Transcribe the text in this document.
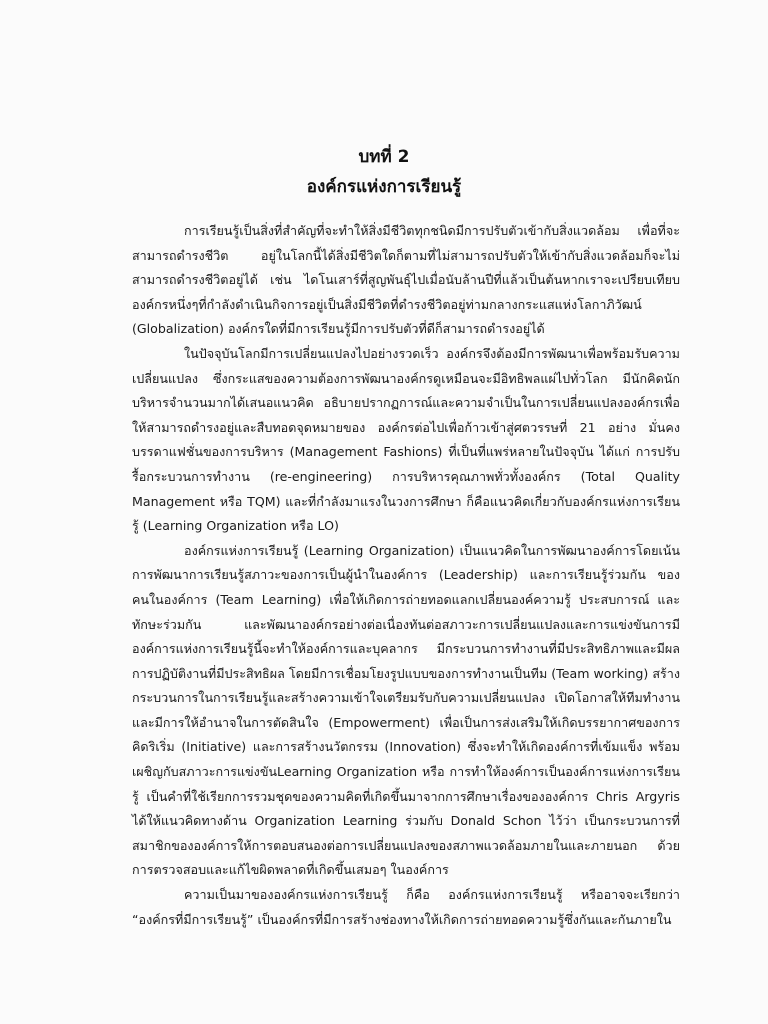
บทที่ 2
องค์กรแห่งการเรียนรู้

การเรียนรู้เป็นสิ่งที่สำคัญที่จะทำให้สิ่งมีชีวิตทุกชนิดมีการปรับตัวเข้ากับสิ่งแวดล้อม เพื่อที่จะสามารถดำรงชีวิต อยู่ในโลกนี้ได้สิ่งมีชีวิตใดก็ตามที่ไม่สามารถปรับตัวให้เข้ากับสิ่งแวดล้อมก็จะไม่สามารถดำรงชีวิตอยู่ได้ เช่น ไดโนเสาร์ที่สูญพันธุ์ไปเมื่อนับล้านปีที่แล้วเป็นต้นหากเราจะเปรียบเทียบองค์กรหนึ่งๆที่กำลังดำเนินกิจการอยู่เป็นสิ่งมีชีวิตที่ดำรงชีวิตอยู่ท่ามกลางกระแสแห่งโลกาภิวัฒน์ (Globalization) องค์กรใดที่มีการเรียนรู้มีการปรับตัวที่ดีก็สามารถดำรงอยู่ได้

ในปัจจุบันโลกมีการเปลี่ยนแปลงไปอย่างรวดเร็ว องค์กรจึงต้องมีการพัฒนาเพื่อพร้อมรับความเปลี่ยนแปลง ซึ่งกระแสของความต้องการพัฒนาองค์กรดูเหมือนจะมีอิทธิพลแผ่ไปทั่วโลก มีนักคิดนักบริหารจำนวนมากได้เสนอแนวคิด อธิบายปรากฏการณ์และความจำเป็นในการเปลี่ยนแปลงองค์กรเพื่อให้สามารถดำรงอยู่และสืบทอดจุดหมายของ องค์กรต่อไปเพื่อก้าวเข้าสู่ศตวรรษที่ 21 อย่าง มั่นคงบรรดาแฟชั่นของการบริหาร (Management Fashions) ที่เป็นที่แพร่หลายในปัจจุบัน ได้แก่ การปรับรื้อกระบวนการทำงาน (re-engineering) การบริหารคุณภาพทั่วทั้งองค์กร (Total Quality Management หรือ TQM) และที่กำลังมาแรงในวงการศึกษา ก็คือแนวคิดเกี่ยวกับองค์กรแห่งการเรียนรู้ (Learning Organization หรือ LO)

องค์กรแห่งการเรียนรู้ (Learning Organization) เป็นแนวคิดในการพัฒนาองค์การโดยเน้นการพัฒนาการเรียนรู้สภาวะของการเป็นผู้นำในองค์การ (Leadership) และการเรียนรู้ร่วมกัน ของคนในองค์การ (Team Learning) เพื่อให้เกิดการถ่ายทอดแลกเปลี่ยนองค์ความรู้ ประสบการณ์ และทักษะร่วมกัน และพัฒนาองค์กรอย่างต่อเนื่องทันต่อสภาวะการเปลี่ยนแปลงและการแข่งขันการมีองค์การแห่งการเรียนรู้นี้จะทำให้องค์การและบุคลากร มีกระบวนการทำงานที่มีประสิทธิภาพและมีผลการปฏิบัติงานที่มีประสิทธิผล โดยมีการเชื่อมโยงรูปแบบของการทำงานเป็นทีม (Team working) สร้างกระบวนการในการเรียนรู้และสร้างความเข้าใจเตรียมรับกับความเปลี่ยนแปลง เปิดโอกาสให้ทีมทำงานและมีการให้อำนาจในการตัดสินใจ (Empowerment) เพื่อเป็นการส่งเสริมให้เกิดบรรยากาศของการคิดริเริ่ม (Initiative) และการสร้างนวัตกรรม (Innovation) ซึ่งจะทำให้เกิดองค์การที่เข้มแข็ง พร้อมเผชิญกับสภาวะการแข่งขันLearning Organization หรือ การทำให้องค์การเป็นองค์การแห่งการเรียนรู้ เป็นคำที่ใช้เรียกการรวมชุดของความคิดที่เกิดขึ้นมาจากการศึกษาเรื่องขององค์การ Chris Argyris ได้ให้แนวคิดทางด้าน Organization Learning ร่วมกับ Donald Schon ไว้ว่า เป็นกระบวนการที่สมาชิกขององค์การให้การตอบสนองต่อการเปลี่ยนแปลงของสภาพแวดล้อมภายในและภายนอก ด้วยการตรวจสอบและแก้ไขผิดพลาดที่เกิดขึ้นเสมอๆ ในองค์การ

ความเป็นมาขององค์กรแห่งการเรียนรู้ ก็คือ องค์กรแห่งการเรียนรู้ หรืออาจจะเรียกว่า “องค์กรที่มีการเรียนรู้” เป็นองค์กรที่มีการสร้างช่องทางให้เกิดการถ่ายทอดความรู้ซึ่งกันและกันภายใน
